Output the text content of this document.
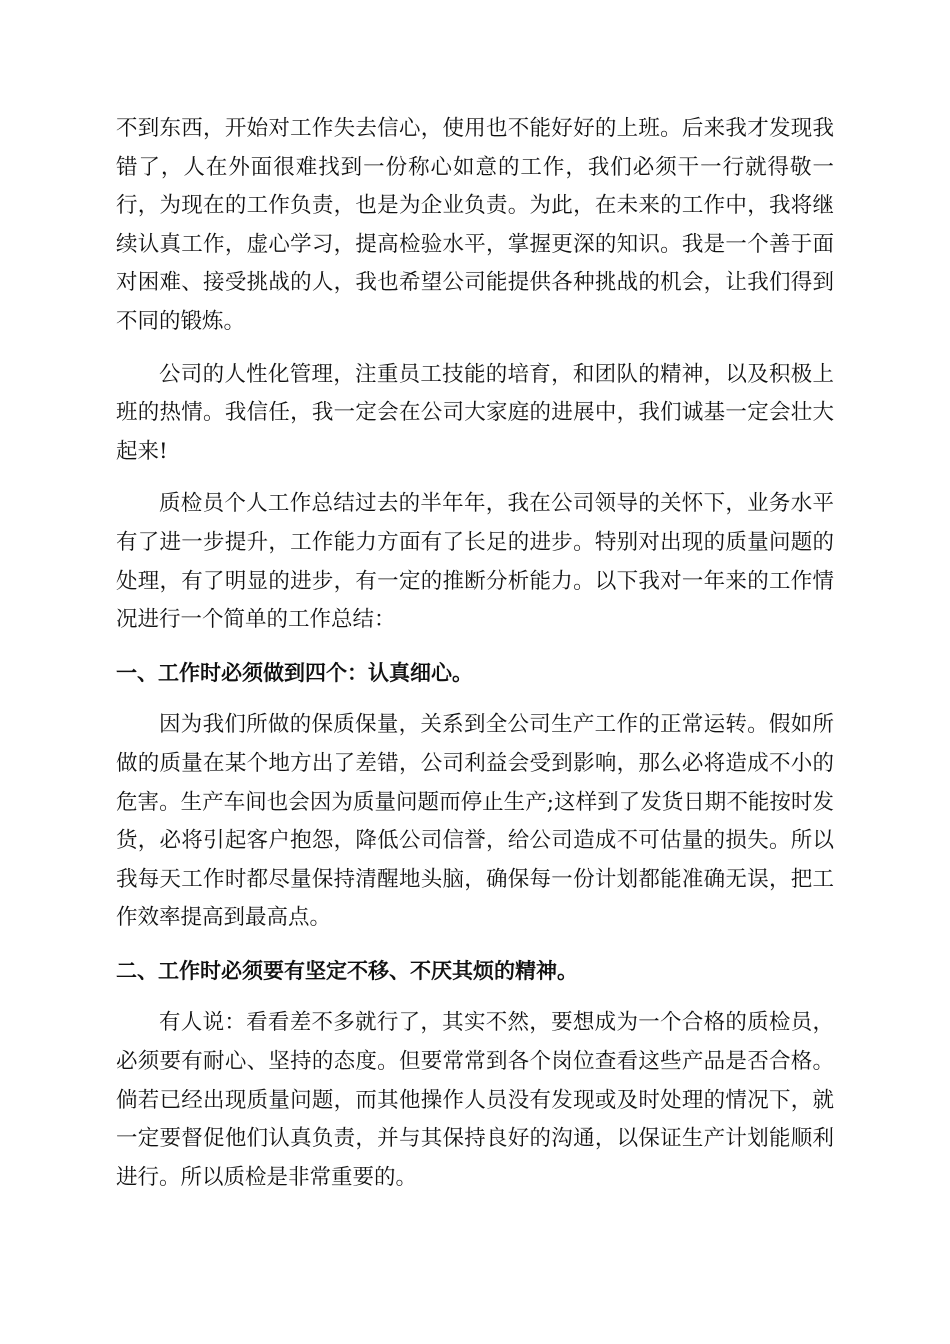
不到东西，开始对工作失去信心，使用也不能好好的上班。后来我才发现我错了，人在外面很难找到一份称心如意的工作，我们必须干一行就得敬一行，为现在的工作负责，也是为企业负责。为此，在未来的工作中，我将继续认真工作，虚心学习，提高检验水平，掌握更深的知识。我是一个善于面对困难、接受挑战的人，我也希望公司能提供各种挑战的机会，让我们得到不同的锻炼。

公司的人性化管理，注重员工技能的培育，和团队的精神，以及积极上班的热情。我信任，我一定会在公司大家庭的进展中，我们诚基一定会壮大起来!

质检员个人工作总结过去的半年年，我在公司领导的关怀下，业务水平有了进一步提升，工作能力方面有了长足的进步。特别对出现的质量问题的处理，有了明显的进步，有一定的推断分析能力。以下我对一年来的工作情况进行一个简单的工作总结：

一、工作时必须做到四个：认真细心。

因为我们所做的保质保量，关系到全公司生产工作的正常运转。假如所做的质量在某个地方出了差错，公司利益会受到影响，那么必将造成不小的危害。生产车间也会因为质量问题而停止生产;这样到了发货日期不能按时发货，必将引起客户抱怨，降低公司信誉，给公司造成不可估量的损失。所以我每天工作时都尽量保持清醒地头脑，确保每一份计划都能准确无误，把工作效率提高到最高点。

二、工作时必须要有坚定不移、不厌其烦的精神。

有人说：看看差不多就行了，其实不然，要想成为一个合格的质检员，必须要有耐心、坚持的态度。但要常常到各个岗位查看这些产品是否合格。倘若已经出现质量问题，而其他操作人员没有发现或及时处理的情况下，就一定要督促他们认真负责，并与其保持良好的沟通，以保证生产计划能顺利进行。所以质检是非常重要的。
